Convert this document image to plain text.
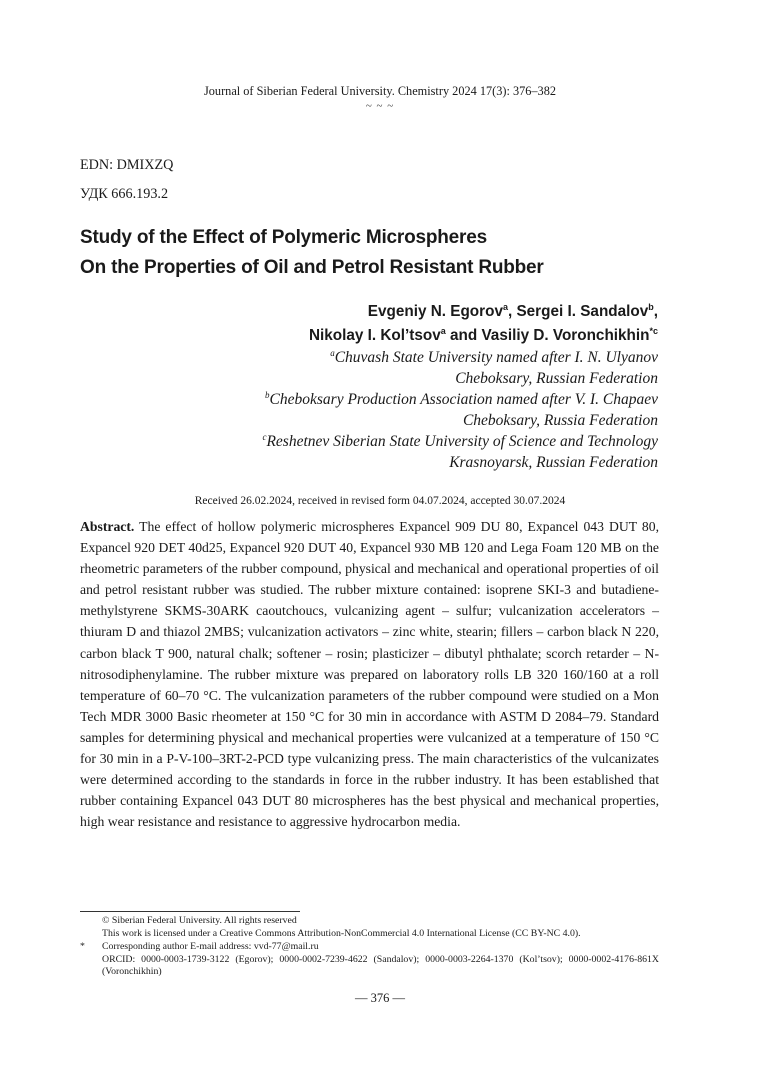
Journal of Siberian Federal University. Chemistry 2024 17(3): 376–382
~ ~ ~
EDN: DMIXZQ
УДК 666.193.2
Study of the Effect of Polymeric Microspheres
On the Properties of Oil and Petrol Resistant Rubber
Evgeniy N. Egorov$^a$, Sergei I. Sandalov$^b$,
Nikolay I. Kol’tsov$^a$ and Vasiliy D. Voronchikhin$^{*c}$
$^a$Chuvash State University named after I. N. Ulyanov
Cheboksary, Russian Federation
$^b$Cheboksary Production Association named after V. I. Chapaev
Cheboksary, Russia Federation
$^c$Reshetnev Siberian State University of Science and Technology
Krasnoyarsk, Russian Federation
Received 26.02.2024, received in revised form 04.07.2024, accepted 30.07.2024
Abstract. The effect of hollow polymeric microspheres Expancel 909 DU 80, Expancel 043 DUT 80, Expancel 920 DET 40d25, Expancel 920 DUT 40, Expancel 930 MB 120 and Lega Foam 120 MB on the rheometric parameters of the rubber compound, physical and mechanical and operational properties of oil and petrol resistant rubber was studied. The rubber mixture contained: isoprene SKI-3 and butadiene-methylstyrene SKMS-30ARK caoutchoucs, vulcanizing agent – sulfur; vulcanization accelerators – thiuram D and thiazol 2MBS; vulcanization activators – zinc white, stearin; fillers – carbon black N 220, carbon black T 900, natural chalk; softener – rosin; plasticizer – dibutyl phthalate; scorch retarder – N-nitrosodiphenylamine. The rubber mixture was prepared on laboratory rolls LB 320 160/160 at a roll temperature of 60–70 °С. The vulcanization parameters of the rubber compound were studied on a Mon Tech MDR 3000 Basic rheometer at 150 °С for 30 min in accordance with ASTM D 2084–79. Standard samples for determining physical and mechanical properties were vulcanized at a temperature of 150 °С for 30 min in a P-V-100–3RT-2-PCD type vulcanizing press. The main characteristics of the vulcanizates were determined according to the standards in force in the rubber industry. It has been established that rubber containing Expancel 043 DUT 80 microspheres has the best physical and mechanical properties, high wear resistance and resistance to aggressive hydrocarbon media.
© Siberian Federal University. All rights reserved
This work is licensed under a Creative Commons Attribution-NonCommercial 4.0 International License (CC BY-NC 4.0).
*	Corresponding author E-mail address: vvd-77@mail.ru
ORCID: 0000-0003-1739-3122 (Egorov); 0000-0002-7239-4622 (Sandalov); 0000-0003-2264-1370 (Kol’tsov); 0000-0002-4176-861X (Voronchikhin)
— 376 —
